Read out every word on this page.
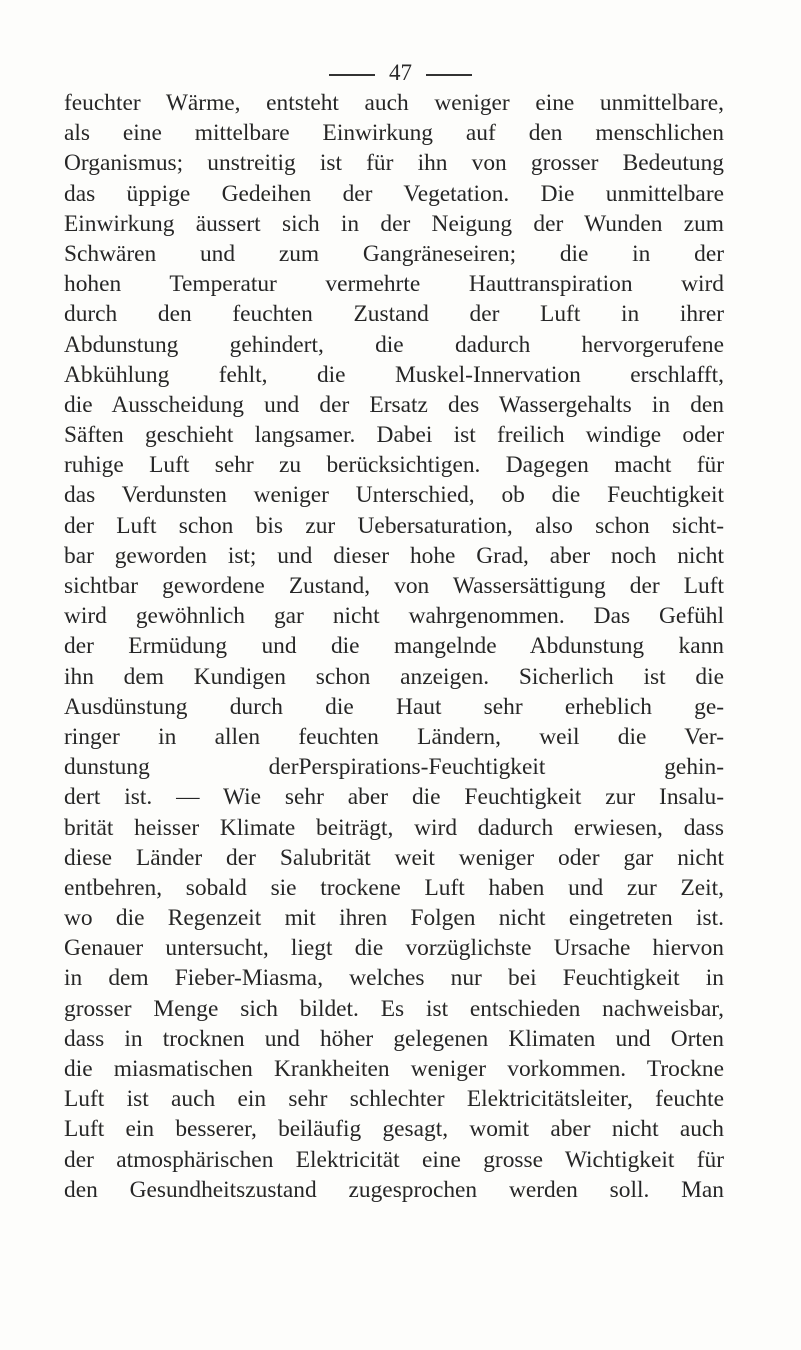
47
feuchter Wärme, entsteht auch weniger eine unmittelbare,
als eine mittelbare Einwirkung auf den menschlichen
Organismus; unstreitig ist für ihn von grosser Bedeutung
das üppige Gedeihen der Vegetation. Die unmittelbare
Einwirkung äussert sich in der Neigung der Wunden zum
Schwären und zum Gangräneseiren; die in der
hohen Temperatur vermehrte Hauttranspiration wird
durch den feuchten Zustand der Luft in ihrer
Abdunstung gehindert, die dadurch hervorgerufene
Abkühlung fehlt, die Muskel-Innervation erschlafft,
die Ausscheidung und der Ersatz des Wassergehalts in den
Säften geschieht langsamer. Dabei ist freilich windige oder
ruhige Luft sehr zu berücksichtigen. Dagegen macht für
das Verdunsten weniger Unterschied, ob die Feuchtigkeit
der Luft schon bis zur Uebersaturation, also schon sicht-
bar geworden ist; und dieser hohe Grad, aber noch nicht
sichtbar gewordene Zustand, von Wassersättigung der Luft
wird gewöhnlich gar nicht wahrgenommen. Das Gefühl
der Ermüdung und die mangelnde Abdunstung kann
ihn dem Kundigen schon anzeigen. Sicherlich ist die
Ausdünstung durch die Haut sehr erheblich ge-
ringer in allen feuchten Ländern, weil die Ver-
dunstung derPerspirations-Feuchtigkeit gehin-
dert ist. — Wie sehr aber die Feuchtigkeit zur Insalu-
brität heisser Klimate beiträgt, wird dadurch erwiesen, dass
diese Länder der Salubrität weit weniger oder gar nicht
entbehren, sobald sie trockene Luft haben und zur Zeit,
wo die Regenzeit mit ihren Folgen nicht eingetreten ist.
Genauer untersucht, liegt die vorzüglichste Ursache hiervon
in dem Fieber-Miasma, welches nur bei Feuchtigkeit in
grosser Menge sich bildet. Es ist entschieden nachweisbar,
dass in trocknen und höher gelegenen Klimaten und Orten
die miasmatischen Krankheiten weniger vorkommen. Trockne
Luft ist auch ein sehr schlechter Elektricitätsleiter, feuchte
Luft ein besserer, beiläufig gesagt, womit aber nicht auch
der atmosphärischen Elektricität eine grosse Wichtigkeit für
den Gesundheitszustand zugesprochen werden soll. Man
